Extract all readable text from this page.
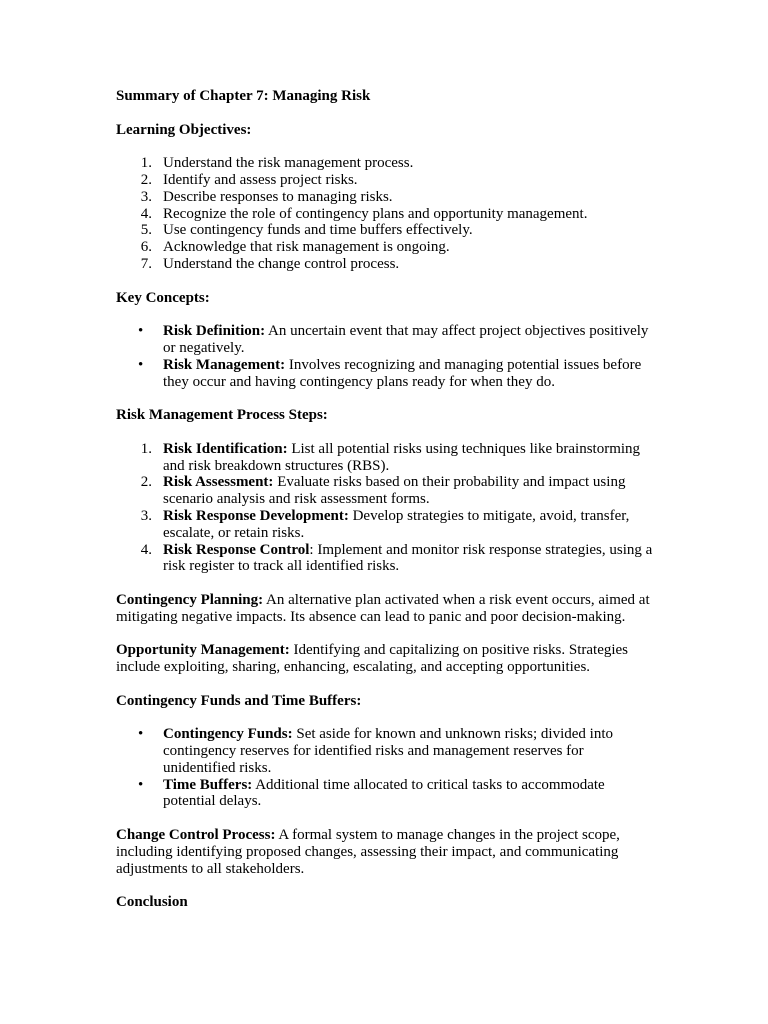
Summary of Chapter 7: Managing Risk

Learning Objectives:

1. Understand the risk management process.
2. Identify and assess project risks.
3. Describe responses to managing risks.
4. Recognize the role of contingency plans and opportunity management.
5. Use contingency funds and time buffers effectively.
6. Acknowledge that risk management is ongoing.
7. Understand the change control process.

Key Concepts:

•	Risk Definition: An uncertain event that may affect project objectives positively or negatively.
•	Risk Management: Involves recognizing and managing potential issues before they occur and having contingency plans ready for when they do.

Risk Management Process Steps:

1. Risk Identification: List all potential risks using techniques like brainstorming and risk breakdown structures (RBS).
2. Risk Assessment: Evaluate risks based on their probability and impact using scenario analysis and risk assessment forms.
3. Risk Response Development: Develop strategies to mitigate, avoid, transfer, escalate, or retain risks.
4. Risk Response Control: Implement and monitor risk response strategies, using a risk register to track all identified risks.

Contingency Planning: An alternative plan activated when a risk event occurs, aimed at mitigating negative impacts. Its absence can lead to panic and poor decision-making.

Opportunity Management: Identifying and capitalizing on positive risks. Strategies include exploiting, sharing, enhancing, escalating, and accepting opportunities.

Contingency Funds and Time Buffers:

•	Contingency Funds: Set aside for known and unknown risks; divided into contingency reserves for identified risks and management reserves for unidentified risks.
•	Time Buffers: Additional time allocated to critical tasks to accommodate potential delays.

Change Control Process: A formal system to manage changes in the project scope, including identifying proposed changes, assessing their impact, and communicating adjustments to all stakeholders.

Conclusion
